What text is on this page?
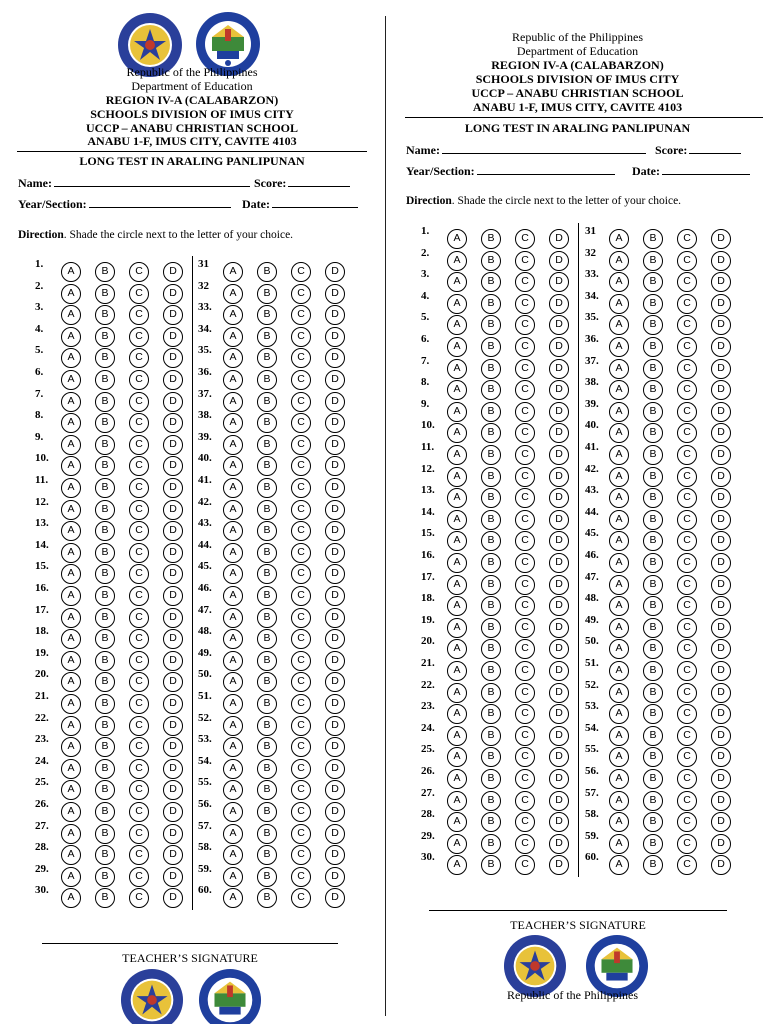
Republic of the Philippines
Department of Education
REGION IV-A (CALABARZON)
SCHOOLS DIVISION OF IMUS CITY
UCCP – ANABU CHRISTIAN SCHOOL
ANABU 1-F, IMUS CITY, CAVITE 4103
LONG TEST IN ARALING PANLIPUNAN
Name:	Score:
Year/Section:	Date:
Direction. Shade the circle next to the letter of your choice.
1.
A	B	C	D
2.
A	B	C	D
3.
A	B	C	D
4.
A	B	C	D
5.
A	B	C	D
6.
A	B	C	D
7.
A	B	C	D
8.
A	B	C	D
9.
A	B	C	D
10.
A	B	C	D
11.
A	B	C	D
12.
A	B	C	D
13.
A	B	C	D
14.
A	B	C	D
15.
A	B	C	D
16.
A	B	C	D
17.
A	B	C	D
18.
A	B	C	D
19.
A	B	C	D
20.
A	B	C	D
21.
A	B	C	D
22.
A	B	C	D
23.
A	B	C	D
24.
A	B	C	D
25.
A	B	C	D
26.
A	B	C	D
27.
A	B	C	D
28.
A	B	C	D
29.
A	B	C	D
30.
A	B	C	D
31
A	B	C	D
32
A	B	C	D
33.
A	B	C	D
34.
A	B	C	D
35.
A	B	C	D
36.
A	B	C	D
37.
A	B	C	D
38.
A	B	C	D
39.
A	B	C	D
40.
A	B	C	D
41.
A	B	C	D
42.
A	B	C	D
43.
A	B	C	D
44.
A	B	C	D
45.
A	B	C	D
46.
A	B	C	D
47.
A	B	C	D
48.
A	B	C	D
49.
A	B	C	D
50.
A	B	C	D
51.
A	B	C	D
52.
A	B	C	D
53.
A	B	C	D
54.
A	B	C	D
55.
A	B	C	D
56.
A	B	C	D
57.
A	B	C	D
58.
A	B	C	D
59.
A	B	C	D
60.
A	B	C	D
TEACHER’S SIGNATURE
Republic of the Philippines
Department of Education
REGION IV-A (CALABARZON)
SCHOOLS DIVISION OF IMUS CITY
UCCP – ANABU CHRISTIAN SCHOOL
ANABU 1-F, IMUS CITY, CAVITE 4103
LONG TEST IN ARALING PANLIPUNAN
Name:	Score:
Year/Section:	Date:
Direction. Shade the circle next to the letter of your choice.
1.
A	B	C	D
2.
A	B	C	D
3.
A	B	C	D
4.
A	B	C	D
5.
A	B	C	D
6.
A	B	C	D
7.
A	B	C	D
8.
A	B	C	D
9.
A	B	C	D
10.
A	B	C	D
11.
A	B	C	D
12.
A	B	C	D
13.
A	B	C	D
14.
A	B	C	D
15.
A	B	C	D
16.
A	B	C	D
17.
A	B	C	D
18.
A	B	C	D
19.
A	B	C	D
20.
A	B	C	D
21.
A	B	C	D
22.
A	B	C	D
23.
A	B	C	D
24.
A	B	C	D
25.
A	B	C	D
26.
A	B	C	D
27.
A	B	C	D
28.
A	B	C	D
29.
A	B	C	D
30.
A	B	C	D
31
A	B	C	D
32
A	B	C	D
33.
A	B	C	D
34.
A	B	C	D
35.
A	B	C	D
36.
A	B	C	D
37.
A	B	C	D
38.
A	B	C	D
39.
A	B	C	D
40.
A	B	C	D
41.
A	B	C	D
42.
A	B	C	D
43.
A	B	C	D
44.
A	B	C	D
45.
A	B	C	D
46.
A	B	C	D
47.
A	B	C	D
48.
A	B	C	D
49.
A	B	C	D
50.
A	B	C	D
51.
A	B	C	D
52.
A	B	C	D
53.
A	B	C	D
54.
A	B	C	D
55.
A	B	C	D
56.
A	B	C	D
57.
A	B	C	D
58.
A	B	C	D
59.
A	B	C	D
60.
A	B	C	D
TEACHER’S SIGNATURE
Republic of the Philippines
